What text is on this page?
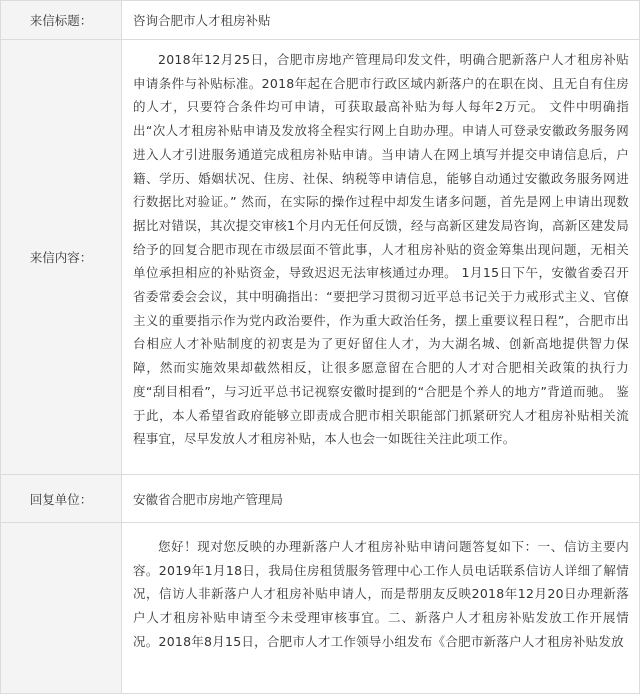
来信标题：	咨询合肥市人才租房补贴
来信内容：

2018年12月25日，合肥市房地产管理局印发文件，明确合肥新落户人才租房补贴申请条件与补贴标准。2018年起在合肥市行政区域内新落户的在职在岗、且无自有住房的人才，只要符合条件均可申请，可获取最高补贴为每人每年2万元。 文件中明确指出“次人才租房补贴申请及发放将全程实行网上自助办理。申请人可登录安徽政务服务网进入人才引进服务通道完成租房补贴申请。当申请人在网上填写并提交申请信息后，户籍、学历、婚姻状况、住房、社保、纳税等申请信息，能够自动通过安徽政务服务网进行数据比对验证。” 然而，在实际的操作过程中却发生诸多问题，首先是网上申请出现数据比对错误，其次提交审核1个月内无任何反馈，经与高新区建发局咨询，高新区建发局给予的回复合肥市现在市级层面不管此事，人才租房补贴的资金筹集出现问题，无相关单位承担相应的补贴资金，导致迟迟无法审核通过办理。 1月15日下午，安徽省委召开省委常委会会议，其中明确指出：“要把学习贯彻习近平总书记关于力戒形式主义、官僚主义的重要指示作为党内政治要件，作为重大政治任务，摆上重要议程日程”，合肥市出台相应人才补贴制度的初衷是为了更好留住人才，为大湖名城、创新高地提供智力保障，然而实施效果却截然相反，让很多愿意留在合肥的人才对合肥相关政策的执行力度“刮目相看”，与习近平总书记视察安徽时提到的“合肥是个养人的地方”背道而驰。 鉴于此，本人希望省政府能够立即责成合肥市相关职能部门抓紧研究人才租房补贴相关流程事宜，尽早发放人才租房补贴，本人也会一如既往关注此项工作。

回复单位：	安徽省合肥市房地产管理局

您好！现对您反映的办理新落户人才租房补贴申请问题答复如下：一、信访主要内容。2019年1月18日，我局住房租赁服务管理中心工作人员电话联系信访人详细了解情况，信访人非新落户人才租房补贴申请人，而是帮朋友反映2018年12月20日办理新落户人才租房补贴申请至今未受理审核事宜。二、新落户人才租房补贴发放工作开展情况。2018年8月15日，合肥市人才工作领导小组发布《合肥市新落户人才租房补贴发放
